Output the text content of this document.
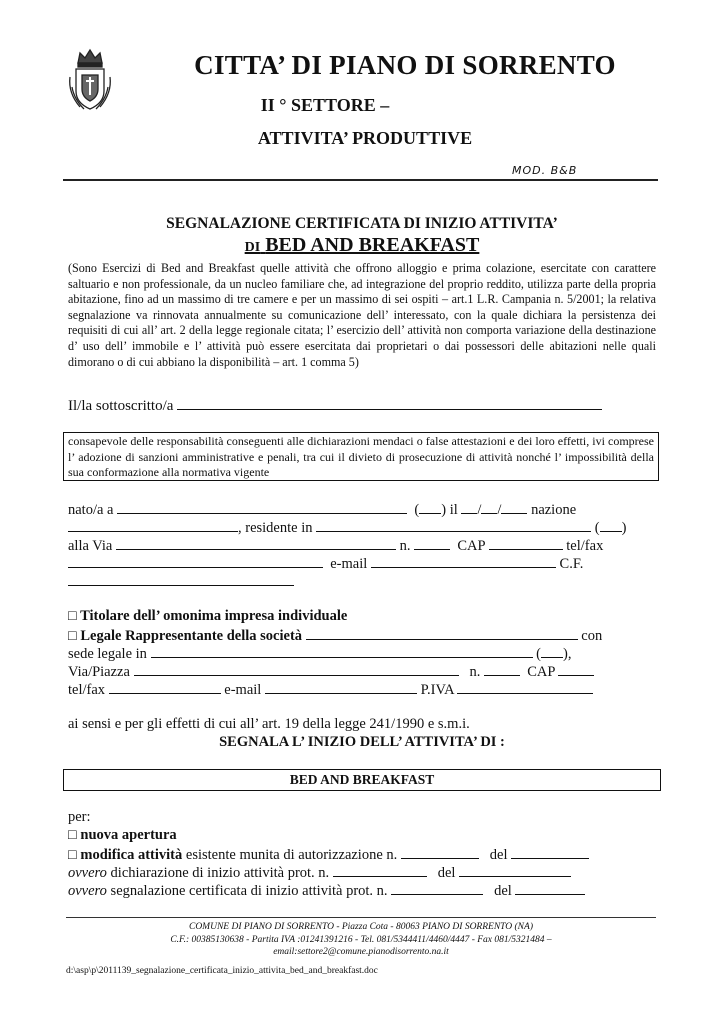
CITTA’ DI PIANO DI SORRENTO
II ° SETTORE –
ATTIVITA’ PRODUTTIVE
MOD. B&B
SEGNALAZIONE CERTIFICATA DI INIZIO ATTIVITA’
DI BED AND BREAKFAST
(Sono Esercizi di Bed and Breakfast quelle attività che offrono alloggio e prima colazione, esercitate con carattere saltuario e non professionale, da un nucleo familiare che, ad integrazione del proprio reddito, utilizza parte della propria abitazione, fino ad un massimo di tre camere e per un massimo di sei ospiti – art.1 L.R. Campania n. 5/2001; la relativa segnalazione va rinnovata annualmente su comunicazione dell’ interessato, con la quale dichiara la persistenza dei requisiti di cui all’ art. 2 della legge regionale citata; l’ esercizio dell’ attività non comporta variazione della destinazione d’ uso dell’ immobile e l’ attività può essere esercitata dai proprietari o dai possessori delle abitazioni nelle quali dimorano o di cui abbiano la disponibilità – art. 1 comma 5)
Il/la sottoscritto/a
consapevole delle responsabilità conseguenti alle dichiarazioni mendaci o false attestazioni e dei loro effetti, ivi comprese l’ adozione di sanzioni amministrative e penali, tra cui il divieto di prosecuzione di attività nonché l’ impossibilità della sua conformazione alla normativa vigente
nato/a a	( ) il / / nazione
, residente in	( )
alla Via	n.	CAP	tel/fax
e-mail	C.F.
□ Titolare dell’ omonima impresa individuale
□ Legale Rappresentante della società	con
sede legale in	( ),
Via/Piazza	n.	CAP
tel/fax	e-mail	P.IVA
ai sensi e per gli effetti di cui all’ art. 19 della legge 241/1990 e s.m.i.
SEGNALA L’ INIZIO DELL’ ATTIVITA’ DI :
BED AND BREAKFAST
per:
□ nuova apertura
□ modifica attività esistente munita di autorizzazione n.	del
ovvero dichiarazione di inizio attività prot. n.	del
ovvero segnalazione certificata di inizio attività prot. n.	del
COMUNE DI PIANO DI SORRENTO - Piazza Cota - 80063 PIANO DI SORRENTO (NA)
C.F.: 00385130638 - Partita IVA :01241391216 - Tel. 081/5344411/4460/4447 - Fax 081/5321484 –
email:settore2@comune.pianodisorrento.na.it
d:\asp\p\2011139_segnalazione_certificata_inizio_attivita_bed_and_breakfast.doc
